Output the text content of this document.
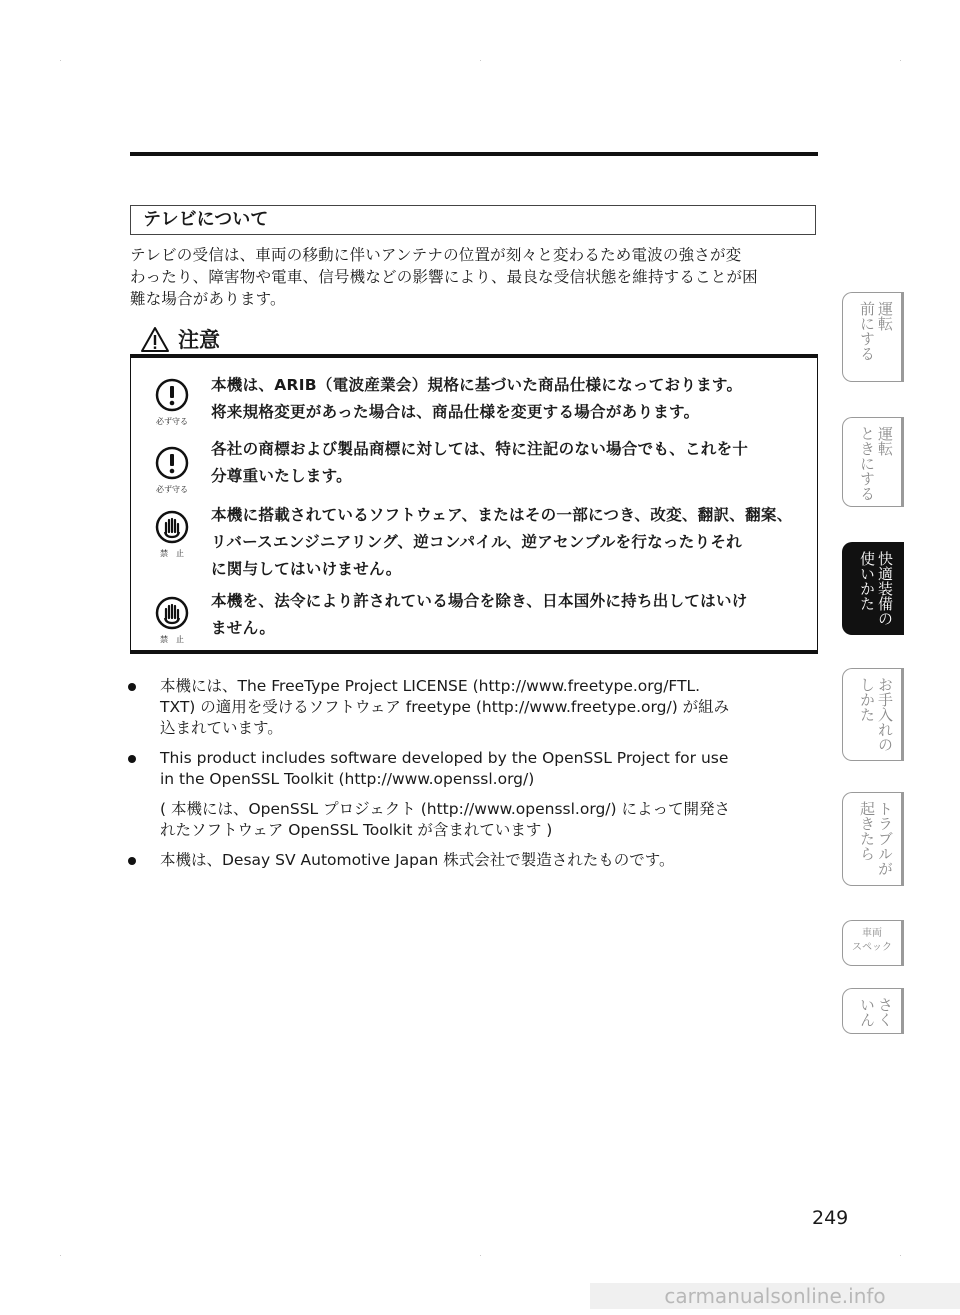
テレビについて
テレビの受信は、車両の移動に伴いアンテナの位置が刻々と変わるため電波の強さが変
わったり、障害物や電車、信号機などの影響により、最良な受信状態を維持することが困
難な場合があります。
注意
必ず守る
本機は、ARIB（電波産業会）規格に基づいた商品仕様になっております。
将来規格変更があった場合は、商品仕様を変更する場合があります。
必ず守る
各社の商標および製品商標に対しては、特に注記のない場合でも、これを十
分尊重いたします。
禁　止
本機に搭載されているソフトウェア、またはその一部につき、改変、翻訳、翻案、
リバースエンジニアリング、逆コンパイル、逆アセンブルを行なったりそれ
に関与してはいけません。
禁　止
本機を、法令により許されている場合を除き、日本国外に持ち出してはいけ
ません。
本機には、The FreeType Project LICENSE (http://www.freetype.org/FTL.
TXT) の適用を受けるソフトウェア freetype (http://www.freetype.org/) が組み
込まれています。
This product includes software developed by the OpenSSL Project for use
in the OpenSSL Toolkit (http://www.openssl.org/)
( 本機には、OpenSSL プロジェクト (http://www.openssl.org/) によって開発さ
れたソフトウェア OpenSSL Toolkit が含まれています )
本機は、Desay SV Automotive Japan 株式会社で製造されたものです。
運転
前にする
運転
ときにする
快適装備の
使いかた
お手入れの
しかた
トラブルが
起きたら
車両
スペック
さく
いん
249
carmanualsonline.info
